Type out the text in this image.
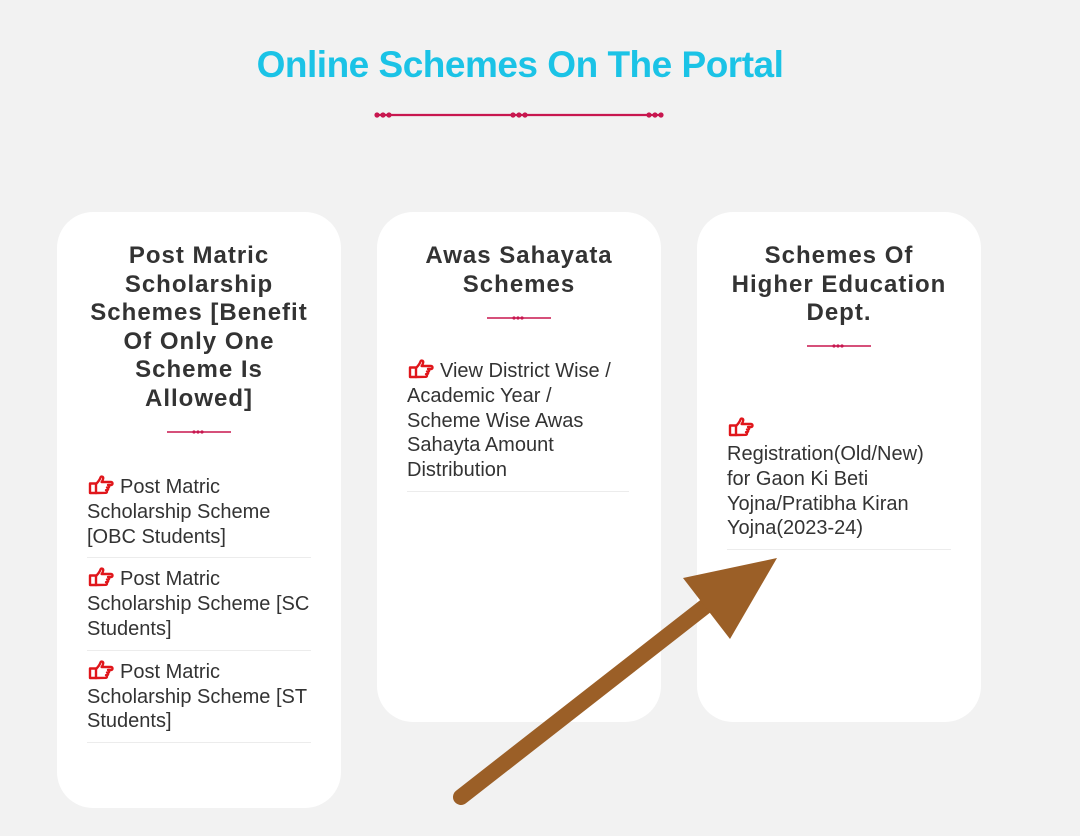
Online Schemes On The Portal
Post Matric Scholarship Schemes [Benefit Of Only One Scheme Is Allowed]
Post Matric Scholarship Scheme [OBC Students]
Post Matric Scholarship Scheme [SC Students]
Post Matric Scholarship Scheme [ST Students]
Awas Sahayata Schemes
View District Wise / Academic Year / Scheme Wise Awas Sahayta Amount Distribution
Schemes Of Higher Education Dept.
Registration(Old/New) for Gaon Ki Beti Yojna/Pratibha Kiran Yojna(2023-24)
